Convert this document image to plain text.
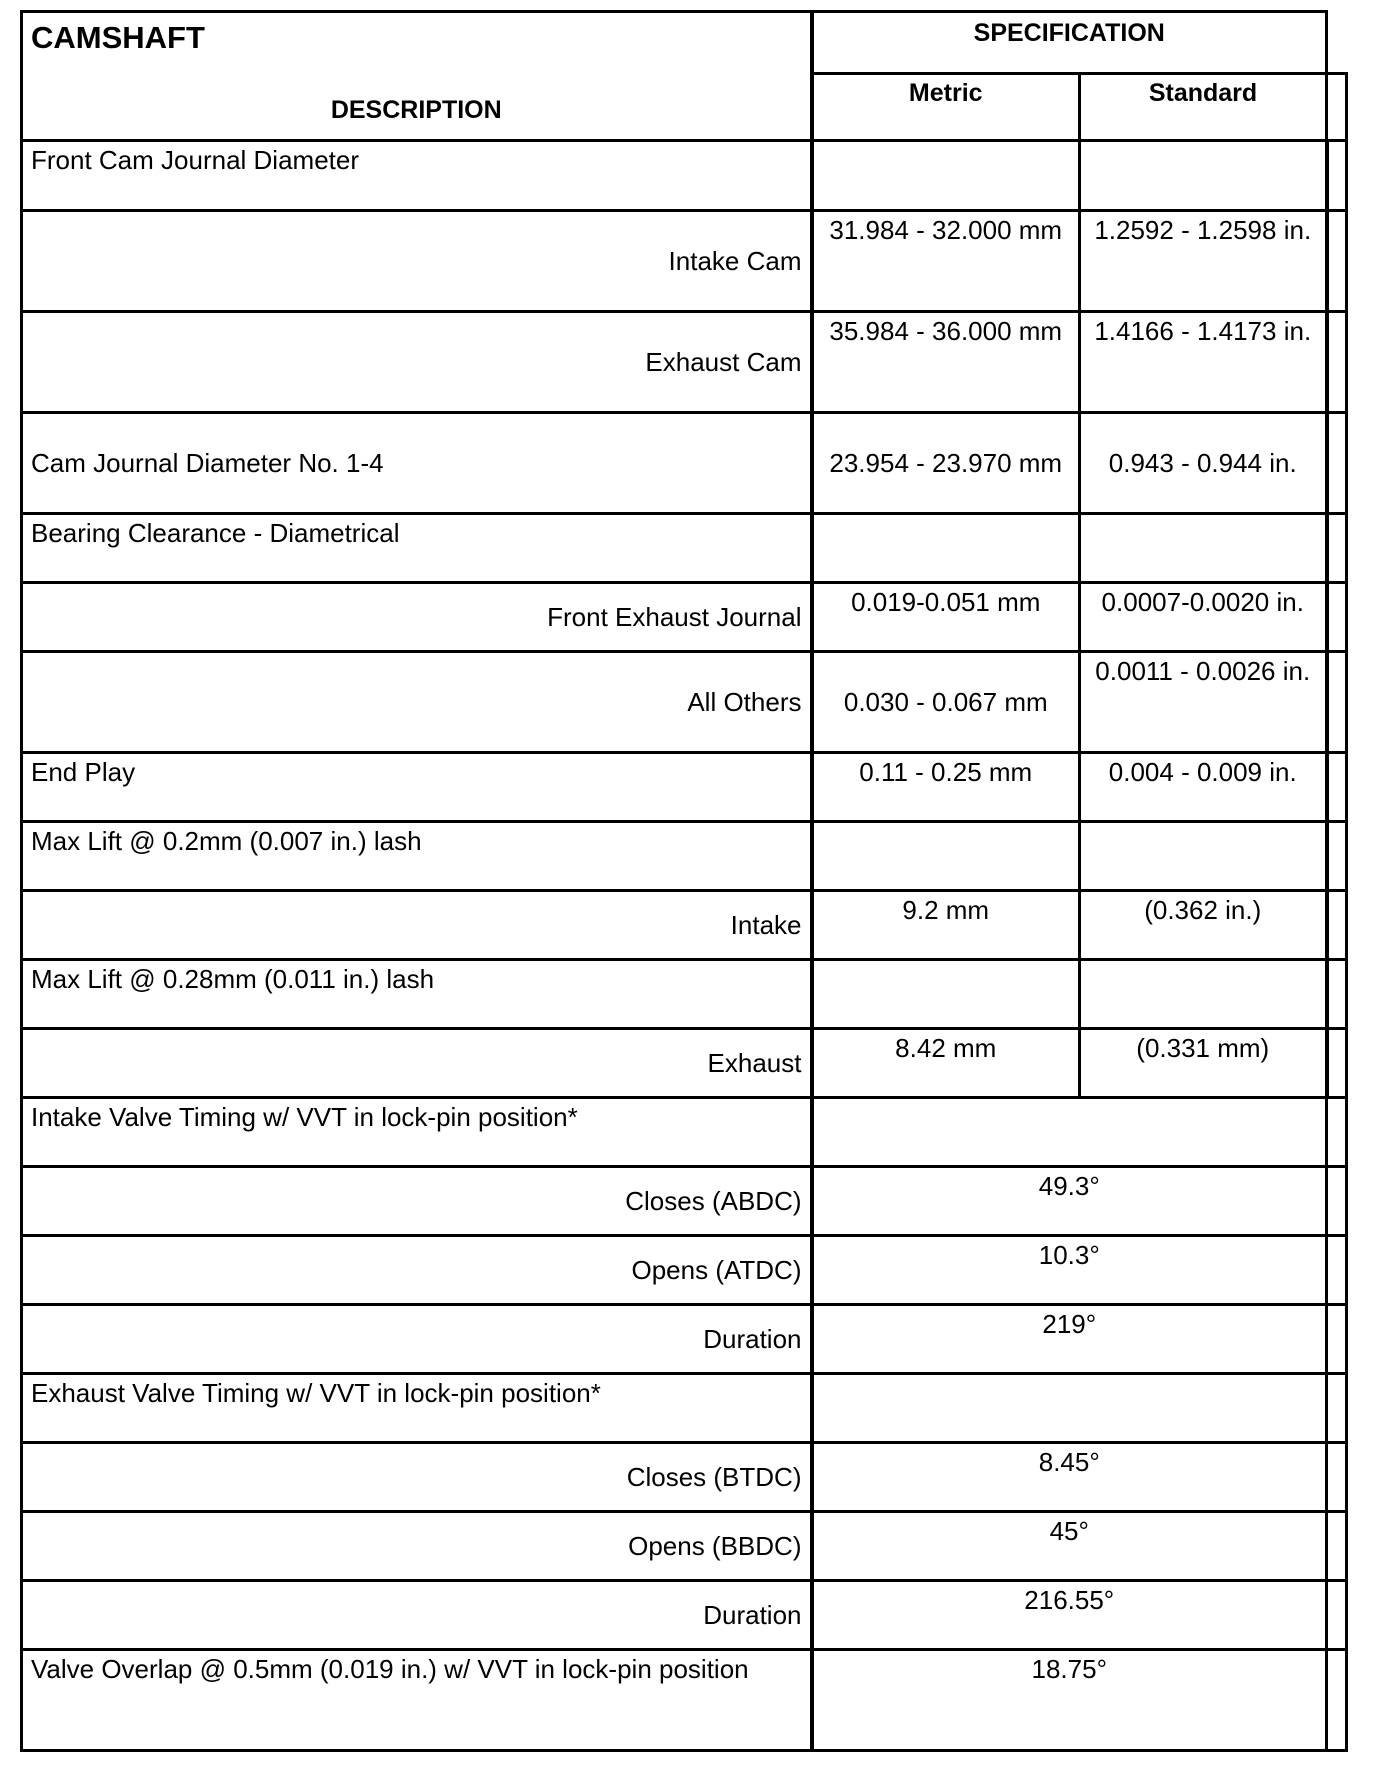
CAMSHAFT
DESCRIPTION	SPECIFICATION		
	Metric	Standard	
Front Cam Journal Diameter			
Intake Cam	31.984 - 32.000 mm	1.2592 - 1.2598 in.	
Exhaust Cam	35.984 - 36.000 mm	1.4166 - 1.4173 in.	
Cam Journal Diameter No. 1-4	23.954 - 23.970 mm	0.943 - 0.944 in.	
Bearing Clearance - Diametrical			
Front Exhaust Journal	0.019-0.051 mm	0.0007-0.0020 in.	
All Others	0.030 - 0.067 mm	0.0011 - 0.0026 in.	
End Play	0.11 - 0.25 mm	0.004 - 0.009 in.	
Max Lift @ 0.2mm (0.007 in.) lash			
Intake	9.2 mm	(0.362 in.)	
Max Lift @ 0.28mm (0.011 in.) lash			
Exhaust	8.42 mm	(0.331 mm)	
Intake Valve Timing w/ VVT in lock-pin position*			
Closes (ABDC)	49.3°		
Opens (ATDC)	10.3°		
Duration	219°		
Exhaust Valve Timing w/ VVT in lock-pin position*			
Closes (BTDC)	8.45°		
Opens (BBDC)	45°		
Duration	216.55°		
Valve Overlap @ 0.5mm (0.019 in.) w/ VVT in lock-pin position	18.75°		
